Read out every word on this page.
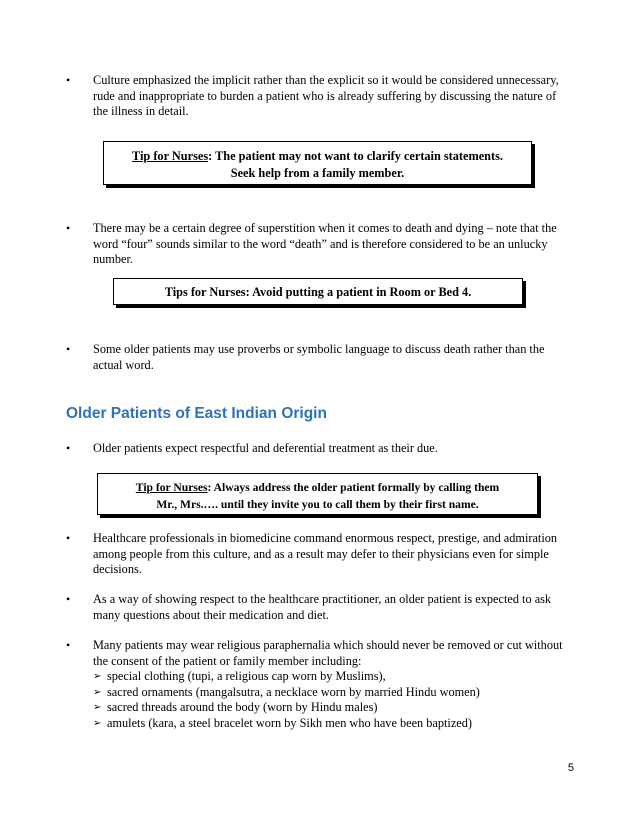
• Culture emphasized the implicit rather than the explicit so it would be considered unnecessary, rude and inappropriate to burden a patient who is already suffering by discussing the nature of the illness in detail.
Tip for Nurses: The patient may not want to clarify certain statements.
Seek help from a family member.
• There may be a certain degree of superstition when it comes to death and dying – note that the word “four” sounds similar to the word “death” and is therefore considered to be an unlucky number.
Tips for Nurses: Avoid putting a patient in Room or Bed 4.
• Some older patients may use proverbs or symbolic language to discuss death rather than the actual word.
Older Patients of East Indian Origin
• Older patients expect respectful and deferential treatment as their due.
Tip for Nurses: Always address the older patient formally by calling them
Mr., Mrs.…. until they invite you to call them by their first name.
• Healthcare professionals in biomedicine command enormous respect, prestige, and admiration among people from this culture, and as a result may defer to their physicians even for simple decisions.
• As a way of showing respect to the healthcare practitioner, an older patient is expected to ask many questions about their medication and diet.
• Many patients may wear religious paraphernalia which should never be removed or cut without the consent of the patient or family member including:
➢ special clothing (tupi, a religious cap worn by Muslims),
➢ sacred ornaments (mangalsutra, a necklace worn by married Hindu women)
➢ sacred threads around the body (worn by Hindu males)
➢ amulets (kara, a steel bracelet worn by Sikh men who have been baptized)
5
